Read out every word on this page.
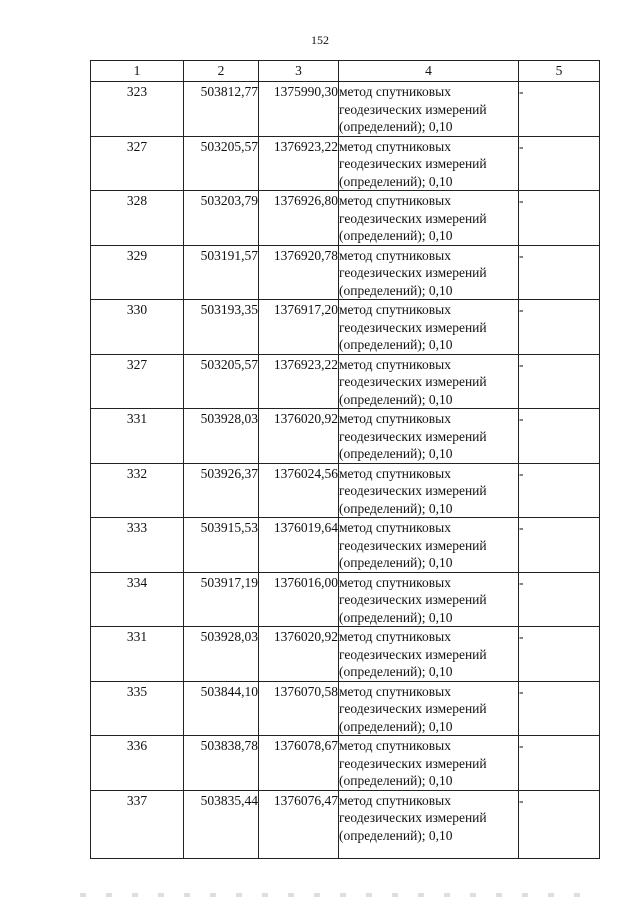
152
1	2	3	4	5
323	503812,77	1375990,30	метод спутниковых
геодезических измерений
(определений); 0,10	-
327	503205,57	1376923,22	метод спутниковых
геодезических измерений
(определений); 0,10	-
328	503203,79	1376926,80	метод спутниковых
геодезических измерений
(определений); 0,10	-
329	503191,57	1376920,78	метод спутниковых
геодезических измерений
(определений); 0,10	-
330	503193,35	1376917,20	метод спутниковых
геодезических измерений
(определений); 0,10	-
327	503205,57	1376923,22	метод спутниковых
геодезических измерений
(определений); 0,10	-
331	503928,03	1376020,92	метод спутниковых
геодезических измерений
(определений); 0,10	-
332	503926,37	1376024,56	метод спутниковых
геодезических измерений
(определений); 0,10	-
333	503915,53	1376019,64	метод спутниковых
геодезических измерений
(определений); 0,10	-
334	503917,19	1376016,00	метод спутниковых
геодезических измерений
(определений); 0,10	-
331	503928,03	1376020,92	метод спутниковых
геодезических измерений
(определений); 0,10	-
335	503844,10	1376070,58	метод спутниковых
геодезических измерений
(определений); 0,10	-
336	503838,78	1376078,67	метод спутниковых
геодезических измерений
(определений); 0,10	-
337	503835,44	1376076,47	метод спутниковых
геодезических измерений
(определений); 0,10	-
